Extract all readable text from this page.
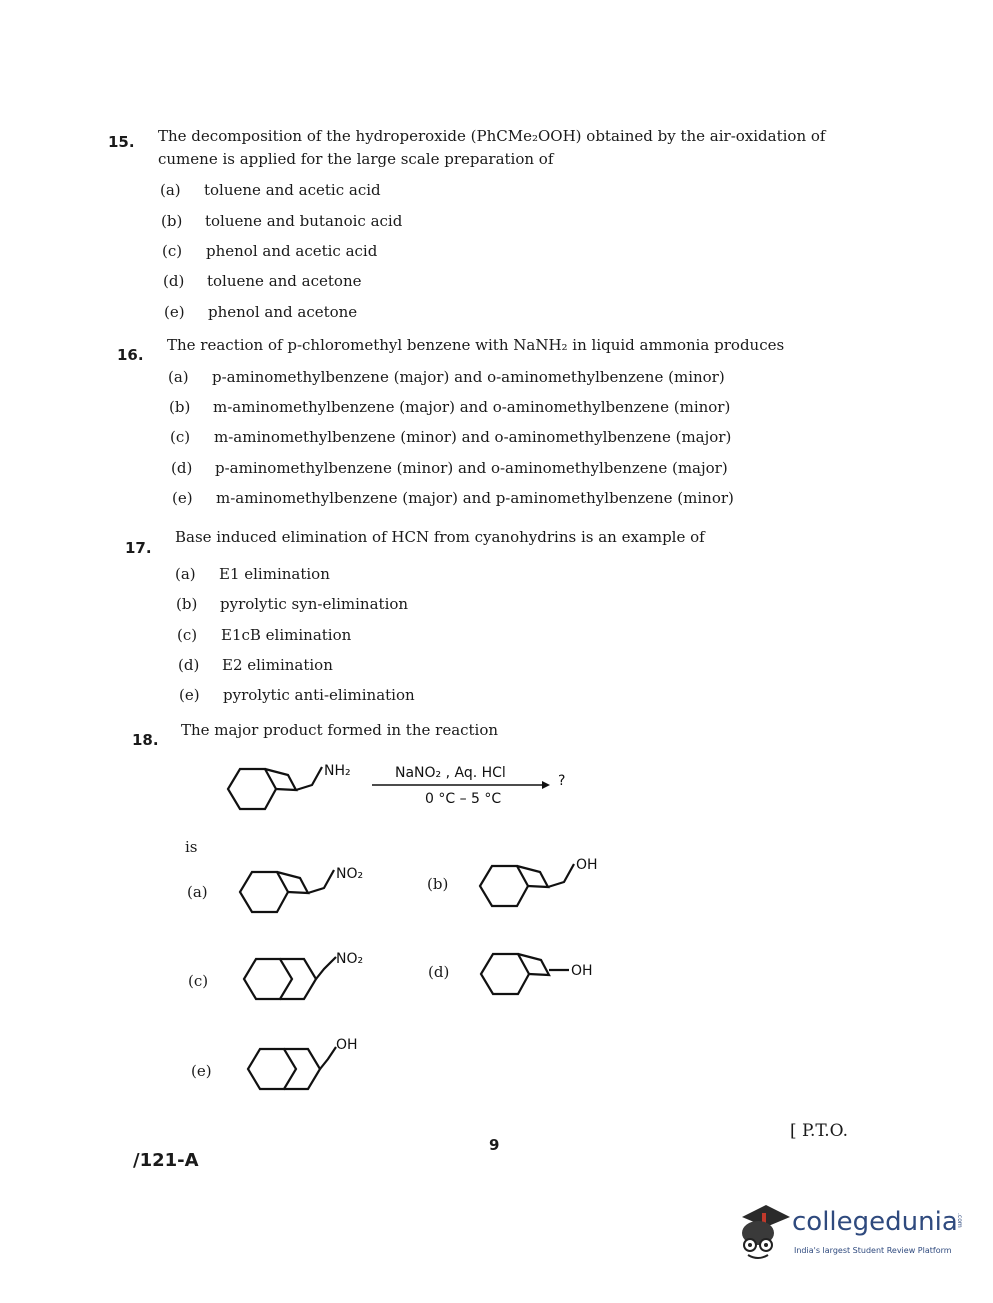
15. The decomposition of the hydroperoxide (PhCMe₂OOH) obtained by the air-oxidation of
cumene is applied for the large scale preparation of
(a) toluene and acetic acid
(b) toluene and butanoic acid
(c) phenol and acetic acid
(d) toluene and acetone
(e) phenol and acetone
16.
The reaction of p-chloromethyl benzene with NaNH₂ in liquid ammonia produces
(a) p-aminomethylbenzene (major) and o-aminomethylbenzene (minor)
(b) m-aminomethylbenzene (major) and o-aminomethylbenzene (minor)
(c) m-aminomethylbenzene (minor) and o-aminomethylbenzene (major)
(d) p-aminomethylbenzene (minor) and o-aminomethylbenzene (major)
(e) m-aminomethylbenzene (major) and p-aminomethylbenzene (minor)
17.
Base induced elimination of HCN from cyanohydrins is an example of
(a) E1 elimination
(b) pyrolytic syn-elimination
(c) E1cB elimination
(d) E2 elimination
(e) pyrolytic anti-elimination
18.
The major product formed in the reaction
NH₂	NaNO₂ , Aq. HCl
0 °C – 5 °C
?
is
(a)
NO₂
(b)
OH
(c)
NO₂
(d)	OH
(e)
OH
[ P.T.O.
9
/121-A
collegedunia
.com
India's largest Student Review Platform
